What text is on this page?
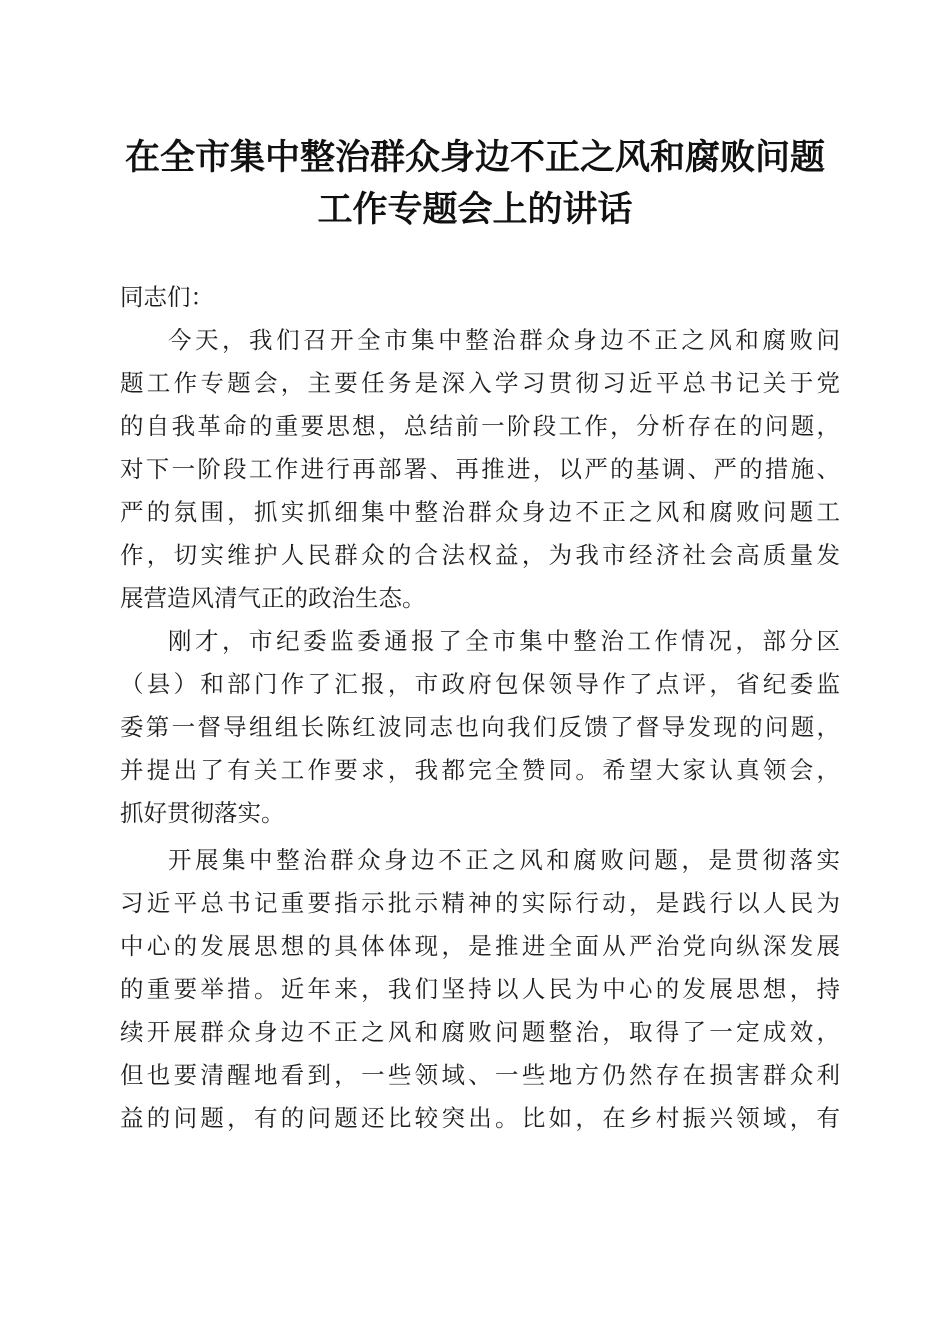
在全市集中整治群众身边不正之风和腐败问题
工作专题会上的讲话
同志们：
今天，我们召开全市集中整治群众身边不正之风和腐败问
题工作专题会，主要任务是深入学习贯彻习近平总书记关于党
的自我革命的重要思想，总结前一阶段工作，分析存在的问题，
对下一阶段工作进行再部署、再推进，以严的基调、严的措施、
严的氛围，抓实抓细集中整治群众身边不正之风和腐败问题工
作，切实维护人民群众的合法权益，为我市经济社会高质量发
展营造风清气正的政治生态。
刚才，市纪委监委通报了全市集中整治工作情况，部分区
（县）和部门作了汇报，市政府包保领导作了点评，省纪委监
委第一督导组组长陈红波同志也向我们反馈了督导发现的问题，
并提出了有关工作要求，我都完全赞同。希望大家认真领会，
抓好贯彻落实。
开展集中整治群众身边不正之风和腐败问题，是贯彻落实
习近平总书记重要指示批示精神的实际行动，是践行以人民为
中心的发展思想的具体体现，是推进全面从严治党向纵深发展
的重要举措。近年来，我们坚持以人民为中心的发展思想，持
续开展群众身边不正之风和腐败问题整治，取得了一定成效，
但也要清醒地看到，一些领域、一些地方仍然存在损害群众利
益的问题，有的问题还比较突出。比如，在乡村振兴领域，有
